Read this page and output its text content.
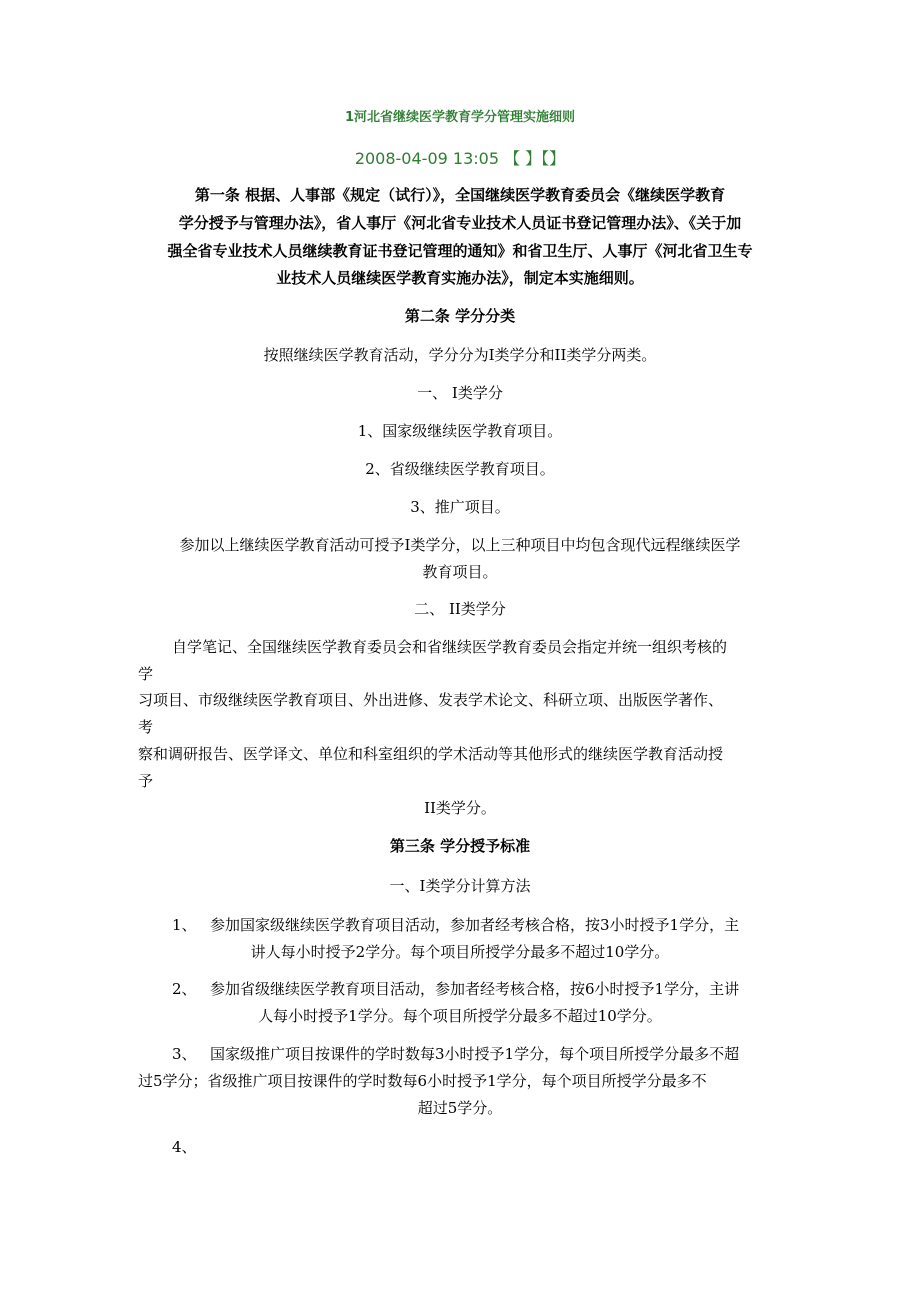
1河北省继续医学教育学分管理实施细则
2008-04-09 13:05 【 】【】
第一条 根据、人事部《规定（试行）》，全国继续医学教育委员会《继续医学教育
学分授予与管理办法》，省人事厅《河北省专业技术人员证书登记管理办法》、《关于加
强全省专业技术人员继续教育证书登记管理的通知》和省卫生厅、人事厅《河北省卫生专
业技术人员继续医学教育实施办法》，制定本实施细则。
第二条 学分分类
按照继续医学教育活动，学分分为I类学分和II类学分两类。
一、 I类学分
1、国家级继续医学教育项目。
2、省级继续医学教育项目。
3、推广项目。
参加以上继续医学教育活动可授予I类学分，以上三种项目中均包含现代远程继续医学
教育项目。
二、 II类学分
自学笔记、全国继续医学教育委员会和省继续医学教育委员会指定并统一组织考核的
学
习项目、市级继续医学教育项目、外出进修、发表学术论文、科研立项、出版医学著作、
考
察和调研报告、医学译文、单位和科室组织的学术活动等其他形式的继续医学教育活动授
予
II类学分。
第三条 学分授予标准
一、I类学分计算方法
1、 参加国家级继续医学教育项目活动，参加者经考核合格，按3小时授予1学分，主
讲人每小时授予2学分。每个项目所授学分最多不超过10学分。
2、 参加省级继续医学教育项目活动，参加者经考核合格，按6小时授予1学分，主讲
人每小时授予1学分。每个项目所授学分最多不超过10学分。
3、 国家级推广项目按课件的学时数每3小时授予1学分，每个项目所授学分最多不超
过5学分；省级推广项目按课件的学时数每6小时授予1学分，每个项目所授学分最多不
超过5学分。
4、
